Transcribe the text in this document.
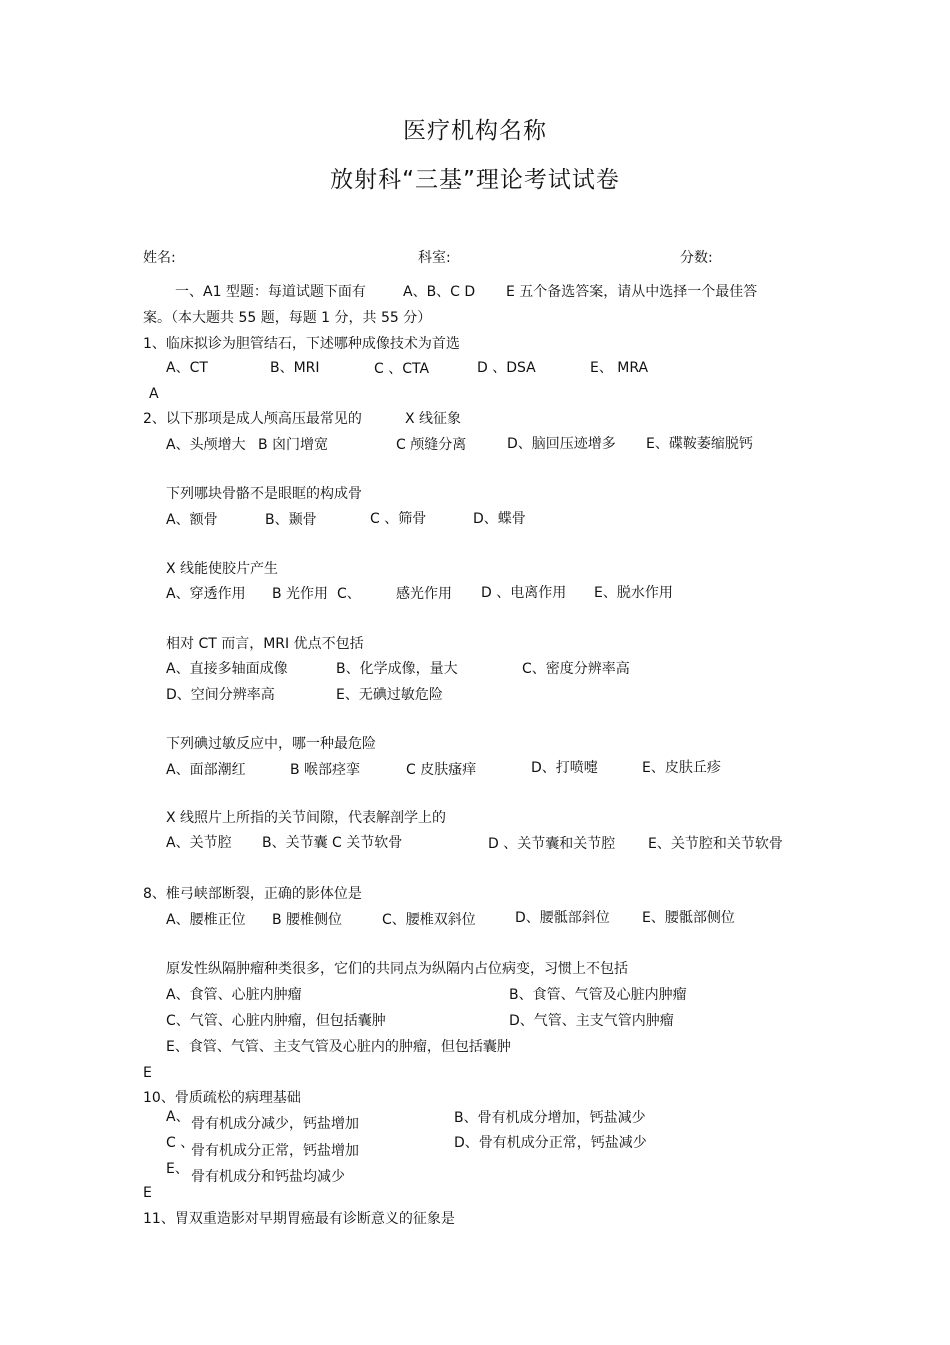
医疗机构名称
放射科“三基”理论考试试卷
姓名:	科室:	分数:
一、A1 型题：每道试题下面有	A、B、C D E 五个备选答案，请从中选择一个最佳答
案。（本大题共 55 题，每题 1 分，共 55 分）
1、临床拟诊为胆管结石，下述哪种成像技术为首选
A、CT	B、MRI	C 、CTA	D 、DSA	E、 MRA
A
2、以下那项是成人颅高压最常见的	X 线征象
A、头颅增大 B 囟门增宽	C 颅缝分离	D、脑回压迹增多 E、碟鞍萎缩脱钙
下列哪块骨骼不是眼眶的构成骨
A、额骨	B、颞骨	C 、筛骨	D、蝶骨
X 线能使胶片产生
A、穿透作用 B 光作用 C、	感光作用 D 、电离作用 E、脱水作用
相对 CT 而言，MRI 优点不包括
A、直接多轴面成像	B、化学成像，量大	C、密度分辨率高
D、空间分辨率高	E、无碘过敏危险
下列碘过敏反应中，哪一种最危险
A、面部潮红	B 喉部痉挛	C 皮肤瘙痒	D、打喷嚏	E、皮肤丘疹
X 线照片上所指的关节间隙，代表解剖学上的
A、关节腔 B、关节囊 C 关节软骨	D 、关节囊和关节腔 E、关节腔和关节软骨
8、椎弓峡部断裂，正确的影体位是
A、腰椎正位 B 腰椎侧位	C、腰椎双斜位	D、腰骶部斜位 E、腰骶部侧位
原发性纵隔肿瘤种类很多，它们的共同点为纵隔内占位病变，习惯上不包括
A、食管、心脏内肿瘤	B、食管、气管及心脏内肿瘤
C、气管、心脏内肿瘤，但包括囊肿	D、气管、主支气管内肿瘤
E、食管、气管、主支气管及心脏内的肿瘤，但包括囊肿
E
10、骨质疏松的病理基础
A、 骨有机成分减少，钙盐增加	B、骨有机成分增加，钙盐减少
C 、
骨有机成分正常，钙盐增加	D、骨有机成分正常，钙盐减少
E、 骨有机成分和钙盐均减少
E
11、胃双重造影对早期胃癌最有诊断意义的征象是
